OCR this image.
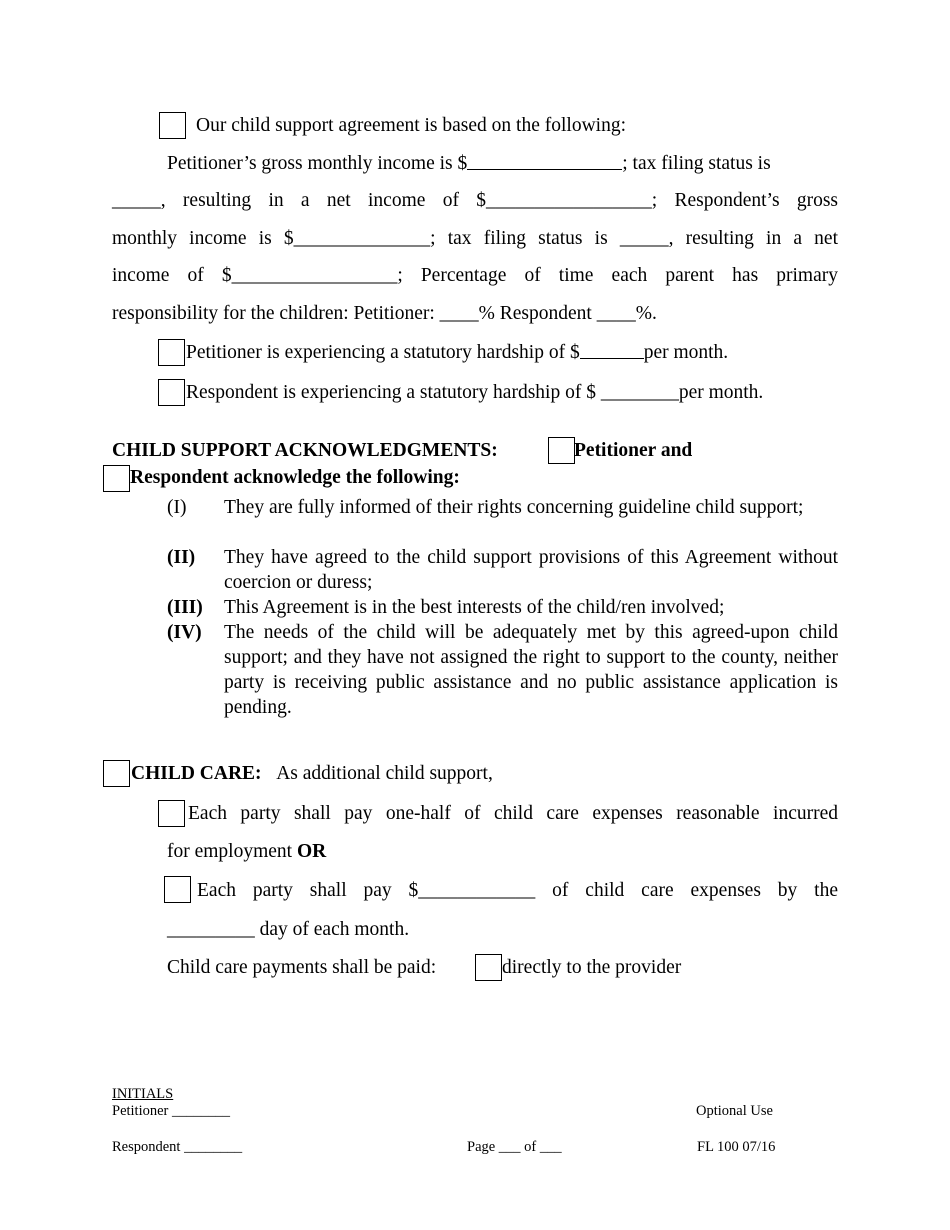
Our child support agreement is based on the following:
Petitioner’s gross monthly income is $	; tax filing status is
_____, resulting in a net income of $_________________; Respondent’s gross
monthly income is $______________; tax filing status is _____, resulting in a net
income of $_________________; Percentage of time each parent has primary
responsibility for the children: Petitioner: ____% Respondent ____%.
Petitioner is experiencing a statutory hardship of $	per month.
Respondent is experiencing a statutory hardship of $ ________per month.
CHILD SUPPORT ACKNOWLEDGMENTS:	Petitioner and
Respondent acknowledge the following:
(I) They are fully informed of their rights concerning guideline child support;
(II) They have agreed to the child support provisions of this Agreement without coercion or duress;
(III) This Agreement is in the best interests of the child/ren involved;
(IV) The needs of the child will be adequately met by this agreed-upon child support; and they have not assigned the right to support to the county, neither party is receiving public assistance and no public assistance application is pending.
CHILD CARE: As additional child support,
Each party shall pay one-half of child care expenses reasonable incurred
for employment OR
Each party shall pay $____________ of child care expenses by the
_________ day of each month.
Child care payments shall be paid:	directly to the provider
INITIALS
Petitioner ________
Respondent ________	Page ___ of ___
Optional Use
FL 100 07/16
